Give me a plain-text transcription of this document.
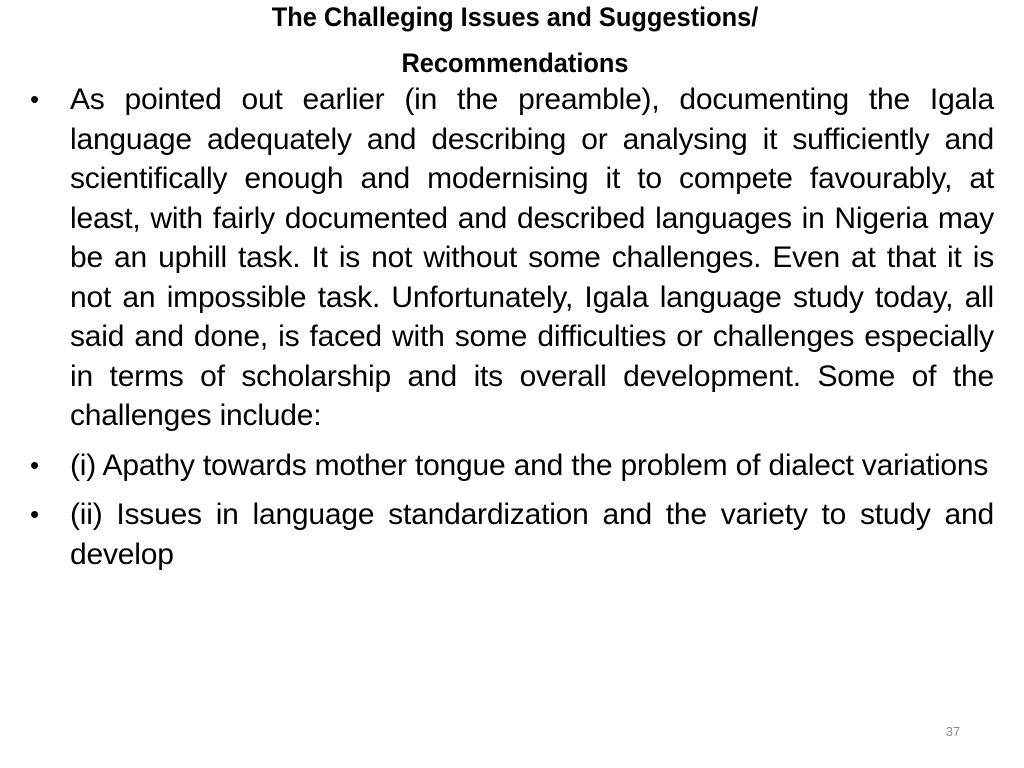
The Challeging Issues and Suggestions/
Recommendations
•	As pointed out earlier (in the preamble), documenting the Igala language adequately and describing or analysing it sufficiently and scientifically enough and modernising it to compete favourably, at least, with fairly documented and described languages in Nigeria may be an uphill task. It is not without some challenges. Even at that it is not an impossible task. Unfortunately, Igala language study today, all said and done, is faced with some difficulties or challenges especially in terms of scholarship and its overall development. Some of the challenges include:
•	(i) Apathy towards mother tongue and the problem of dialect variations
•	(ii) Issues in language standardization and the variety to study and develop
37
